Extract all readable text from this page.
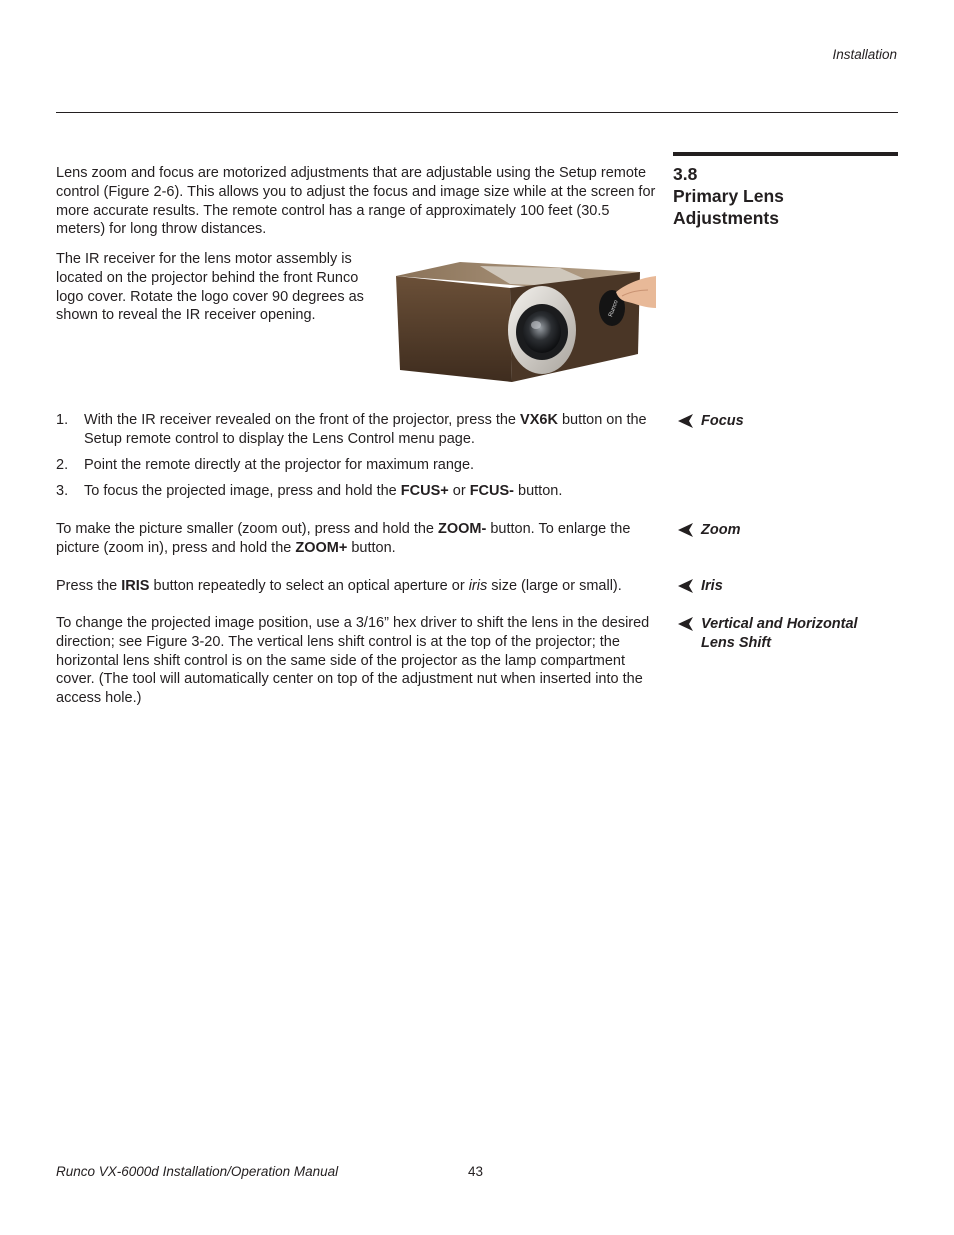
Installation
3.8
Primary Lens
Adjustments

Lens zoom and focus are motorized adjustments that are adjustable using the Setup remote control (Figure 2-6). This allows you to adjust the focus and image size while at the screen for more accurate results. The remote control has a range of approximately 100 feet (30.5 meters) for long throw distances.

The IR receiver for the lens motor assembly is located on the projector behind the front Runco logo cover. Rotate the logo cover 90 degrees as shown to reveal the IR receiver opening.	Runco
1. With the IR receiver revealed on the front of the projector, press the VX6K button on the Setup remote control to display the Lens Control menu page.
2. Point the remote directly at the projector for maximum range.
3. To focus the projected image, press and hold the FCUS+ or FCUS- button.

To make the picture smaller (zoom out), press and hold the ZOOM- button. To enlarge the picture (zoom in), press and hold the ZOOM+ button.

Press the IRIS button repeatedly to select an optical aperture or iris size (large or small).

To change the projected image position, use a 3/16” hex driver to shift the lens in the desired direction; see Figure 3-20. The vertical lens shift control is at the top of the projector; the horizontal lens shift control is on the same side of the projector as the lamp compartment cover. (The tool will automatically center on top of the adjustment nut when inserted into the access hole.)

Focus
Zoom
Iris
Vertical and Horizontal
Lens Shift
Runco VX-6000d Installation/Operation Manual	43
